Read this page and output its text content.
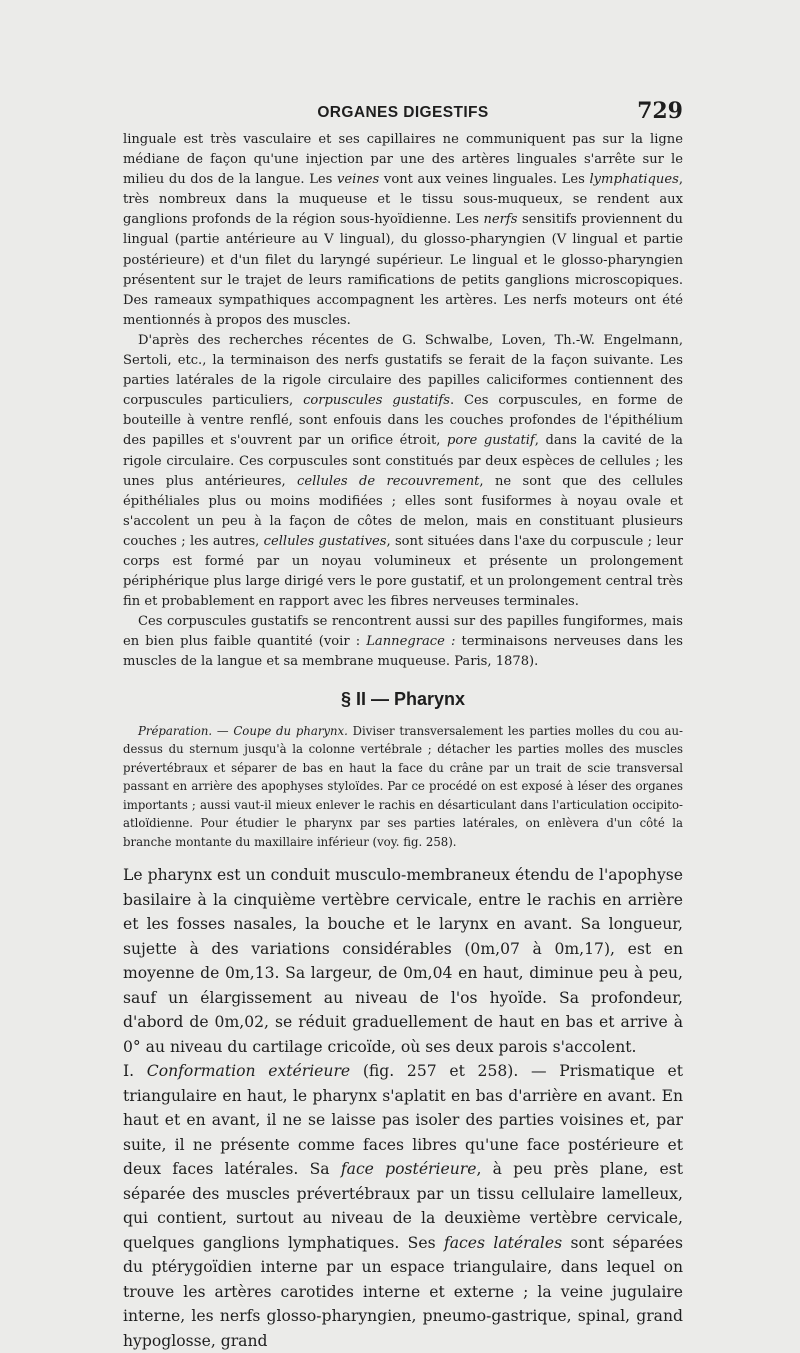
ORGANES DIGESTIFS	729

linguale est très vasculaire et ses capillaires ne communiquent pas sur la ligne médiane de façon qu'une injection par une des artères linguales s'arrête sur le milieu du dos de la langue. Les veines vont aux veines linguales. Les lymphatiques, très nombreux dans la muqueuse et le tissu sous-muqueux, se rendent aux ganglions profonds de la région sous-hyoïdienne. Les nerfs sensitifs proviennent du lingual (partie antérieure au V lingual), du glosso-pharyngien (V lingual et partie postérieure) et d'un filet du laryngé supérieur. Le lingual et le glosso-pharyngien présentent sur le trajet de leurs ramifications de petits ganglions microscopiques. Des rameaux sympathiques accompagnent les artères. Les nerfs moteurs ont été mentionnés à propos des muscles.

D'après des recherches récentes de G. Schwalbe, Loven, Th.-W. Engelmann, Sertoli, etc., la terminaison des nerfs gustatifs se ferait de la façon suivante. Les parties latérales de la rigole circulaire des papilles caliciformes contiennent des corpuscules particuliers, corpuscules gustatifs. Ces corpuscules, en forme de bouteille à ventre renflé, sont enfouis dans les couches profondes de l'épithélium des papilles et s'ouvrent par un orifice étroit, pore gustatif, dans la cavité de la rigole circulaire. Ces corpuscules sont constitués par deux espèces de cellules ; les unes plus antérieures, cellules de recouvrement, ne sont que des cellules épithéliales plus ou moins modifiées ; elles sont fusiformes à noyau ovale et s'accolent un peu à la façon de côtes de melon, mais en constituant plusieurs couches ; les autres, cellules gustatives, sont situées dans l'axe du corpuscule ; leur corps est formé par un noyau volumineux et présente un prolongement périphérique plus large dirigé vers le pore gustatif, et un prolongement central très fin et probablement en rapport avec les fibres nerveuses terminales.

Ces corpuscules gustatifs se rencontrent aussi sur des papilles fungiformes, mais en bien plus faible quantité (voir : Lannegrace : terminaisons nerveuses dans les muscles de la langue et sa membrane muqueuse. Paris, 1878).

§ II — Pharynx

Préparation. — Coupe du pharynx. Diviser transversalement les parties molles du cou au-dessus du sternum jusqu'à la colonne vertébrale ; détacher les parties molles des muscles prévertébraux et séparer de bas en haut la face du crâne par un trait de scie transversal passant en arrière des apophyses styloïdes. Par ce procédé on est exposé à léser des organes importants ; aussi vaut-il mieux enlever le rachis en désarticulant dans l'articulation occipito-atloïdienne. Pour étudier le pharynx par ses parties latérales, on enlèvera d'un côté la branche montante du maxillaire inférieur (voy. fig. 258).

Le pharynx est un conduit musculo-membraneux étendu de l'apophyse basilaire à la cinquième vertèbre cervicale, entre le rachis en arrière et les fosses nasales, la bouche et le larynx en avant. Sa longueur, sujette à des variations considérables (0m,07 à 0m,17), est en moyenne de 0m,13. Sa largeur, de 0m,04 en haut, diminue peu à peu, sauf un élargissement au niveau de l'os hyoïde. Sa profondeur, d'abord de 0m,02, se réduit graduellement de haut en bas et arrive à 0° au niveau du cartilage cricoïde, où ses deux parois s'accolent.

I. Conformation extérieure (fig. 257 et 258). — Prismatique et triangulaire en haut, le pharynx s'aplatit en bas d'arrière en avant. En haut et en avant, il ne se laisse pas isoler des parties voisines et, par suite, il ne présente comme faces libres qu'une face postérieure et deux faces latérales. Sa face postérieure, à peu près plane, est séparée des muscles prévertébraux par un tissu cellulaire lamelleux, qui contient, surtout au niveau de la deuxième vertèbre cervicale, quelques ganglions lymphatiques. Ses faces latérales sont séparées du ptérygoïdien interne par un espace triangulaire, dans lequel on trouve les artères carotides interne et externe ; la veine jugulaire interne, les nerfs glosso-pharyngien, pneumo-gastrique, spinal, grand hypoglosse, grand
